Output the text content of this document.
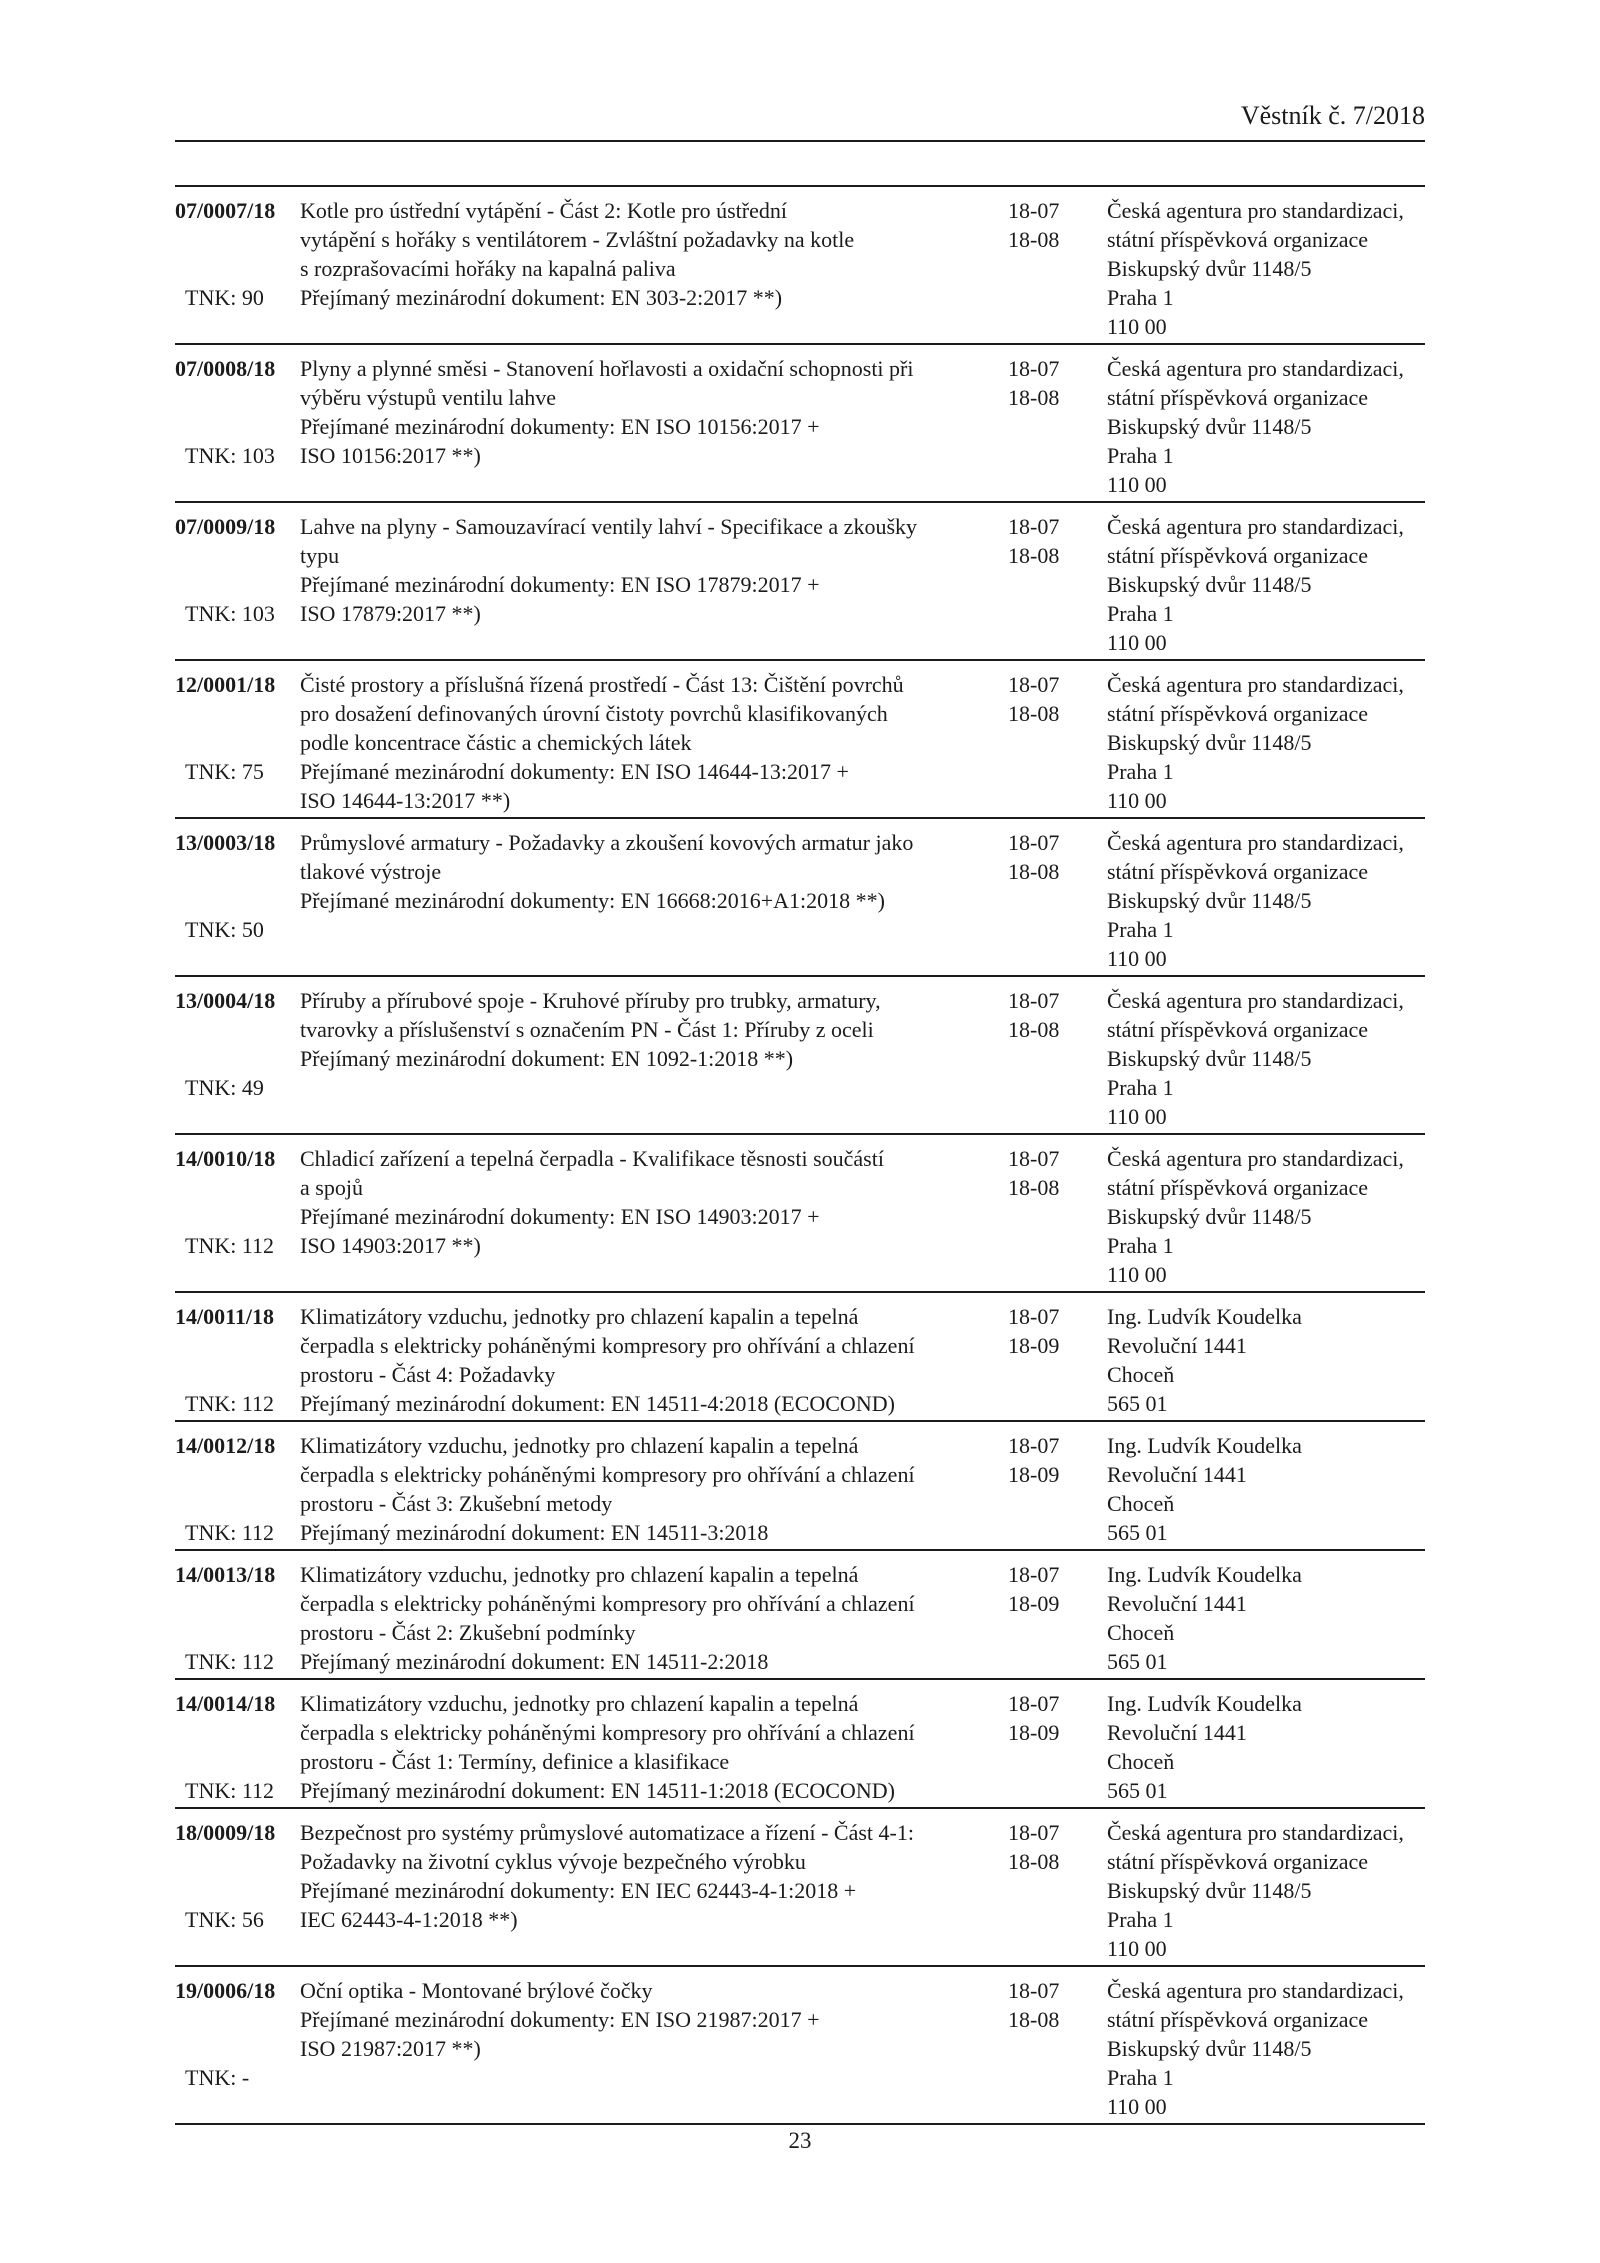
Věstník č. 7/2018
07/0007/18
TNK: 90
Kotle pro ústřední vytápění - Část 2: Kotle pro ústřední
vytápění s hořáky s ventilátorem - Zvláštní požadavky na kotle
s rozprašovacími hořáky na kapalná paliva
Přejímaný mezinárodní dokument: EN 303-2:2017 **)
18-07
18-08
Česká agentura pro standardizaci,
státní příspěvková organizace
Biskupský dvůr 1148/5
Praha 1
110 00
07/0008/18
TNK: 103
Plyny a plynné směsi - Stanovení hořlavosti a oxidační schopnosti při
výběru výstupů ventilu lahve
Přejímané mezinárodní dokumenty: EN ISO 10156:2017 +
ISO 10156:2017 **)
18-07
18-08
Česká agentura pro standardizaci,
státní příspěvková organizace
Biskupský dvůr 1148/5
Praha 1
110 00
07/0009/18
TNK: 103
Lahve na plyny - Samouzavírací ventily lahví - Specifikace a zkoušky
typu
Přejímané mezinárodní dokumenty: EN ISO 17879:2017 +
ISO 17879:2017 **)
18-07
18-08
Česká agentura pro standardizaci,
státní příspěvková organizace
Biskupský dvůr 1148/5
Praha 1
110 00
12/0001/18
TNK: 75
Čisté prostory a příslušná řízená prostředí - Část 13: Čištění povrchů
pro dosažení definovaných úrovní čistoty povrchů klasifikovaných
podle koncentrace částic a chemických látek
Přejímané mezinárodní dokumenty: EN ISO 14644-13:2017 +
ISO 14644-13:2017 **)
18-07
18-08
Česká agentura pro standardizaci,
státní příspěvková organizace
Biskupský dvůr 1148/5
Praha 1
110 00
13/0003/18
TNK: 50
Průmyslové armatury - Požadavky a zkoušení kovových armatur jako
tlakové výstroje
Přejímané mezinárodní dokumenty: EN 16668:2016+A1:2018 **)
18-07
18-08
Česká agentura pro standardizaci,
státní příspěvková organizace
Biskupský dvůr 1148/5
Praha 1
110 00
13/0004/18
TNK: 49
Příruby a přírubové spoje - Kruhové příruby pro trubky, armatury,
tvarovky a příslušenství s označením PN - Část 1: Příruby z oceli
Přejímaný mezinárodní dokument: EN 1092-1:2018 **)
18-07
18-08
Česká agentura pro standardizaci,
státní příspěvková organizace
Biskupský dvůr 1148/5
Praha 1
110 00
14/0010/18
TNK: 112
Chladicí zařízení a tepelná čerpadla - Kvalifikace těsnosti součástí
a spojů
Přejímané mezinárodní dokumenty: EN ISO 14903:2017 +
ISO 14903:2017 **)
18-07
18-08
Česká agentura pro standardizaci,
státní příspěvková organizace
Biskupský dvůr 1148/5
Praha 1
110 00
14/0011/18
TNK: 112
Klimatizátory vzduchu, jednotky pro chlazení kapalin a tepelná
čerpadla s elektricky poháněnými kompresory pro ohřívání a chlazení
prostoru - Část 4: Požadavky
Přejímaný mezinárodní dokument: EN 14511-4:2018 (ECOCOND)
18-07
18-09
Ing. Ludvík Koudelka
Revoluční 1441
Choceň
565 01
14/0012/18
TNK: 112
Klimatizátory vzduchu, jednotky pro chlazení kapalin a tepelná
čerpadla s elektricky poháněnými kompresory pro ohřívání a chlazení
prostoru - Část 3: Zkušební metody
Přejímaný mezinárodní dokument: EN 14511-3:2018
18-07
18-09
Ing. Ludvík Koudelka
Revoluční 1441
Choceň
565 01
14/0013/18
TNK: 112
Klimatizátory vzduchu, jednotky pro chlazení kapalin a tepelná
čerpadla s elektricky poháněnými kompresory pro ohřívání a chlazení
prostoru - Část 2: Zkušební podmínky
Přejímaný mezinárodní dokument: EN 14511-2:2018
18-07
18-09
Ing. Ludvík Koudelka
Revoluční 1441
Choceň
565 01
14/0014/18
TNK: 112
Klimatizátory vzduchu, jednotky pro chlazení kapalin a tepelná
čerpadla s elektricky poháněnými kompresory pro ohřívání a chlazení
prostoru - Část 1: Termíny, definice a klasifikace
Přejímaný mezinárodní dokument: EN 14511-1:2018 (ECOCOND)
18-07
18-09
Ing. Ludvík Koudelka
Revoluční 1441
Choceň
565 01
18/0009/18
TNK: 56
Bezpečnost pro systémy průmyslové automatizace a řízení - Část 4-1:
Požadavky na životní cyklus vývoje bezpečného výrobku
Přejímané mezinárodní dokumenty: EN IEC 62443-4-1:2018 +
IEC 62443-4-1:2018 **)
18-07
18-08
Česká agentura pro standardizaci,
státní příspěvková organizace
Biskupský dvůr 1148/5
Praha 1
110 00
19/0006/18
TNK: -
Oční optika - Montované brýlové čočky
Přejímané mezinárodní dokumenty: EN ISO 21987:2017 +
ISO 21987:2017 **)
18-07
18-08
Česká agentura pro standardizaci,
státní příspěvková organizace
Biskupský dvůr 1148/5
Praha 1
110 00
23
